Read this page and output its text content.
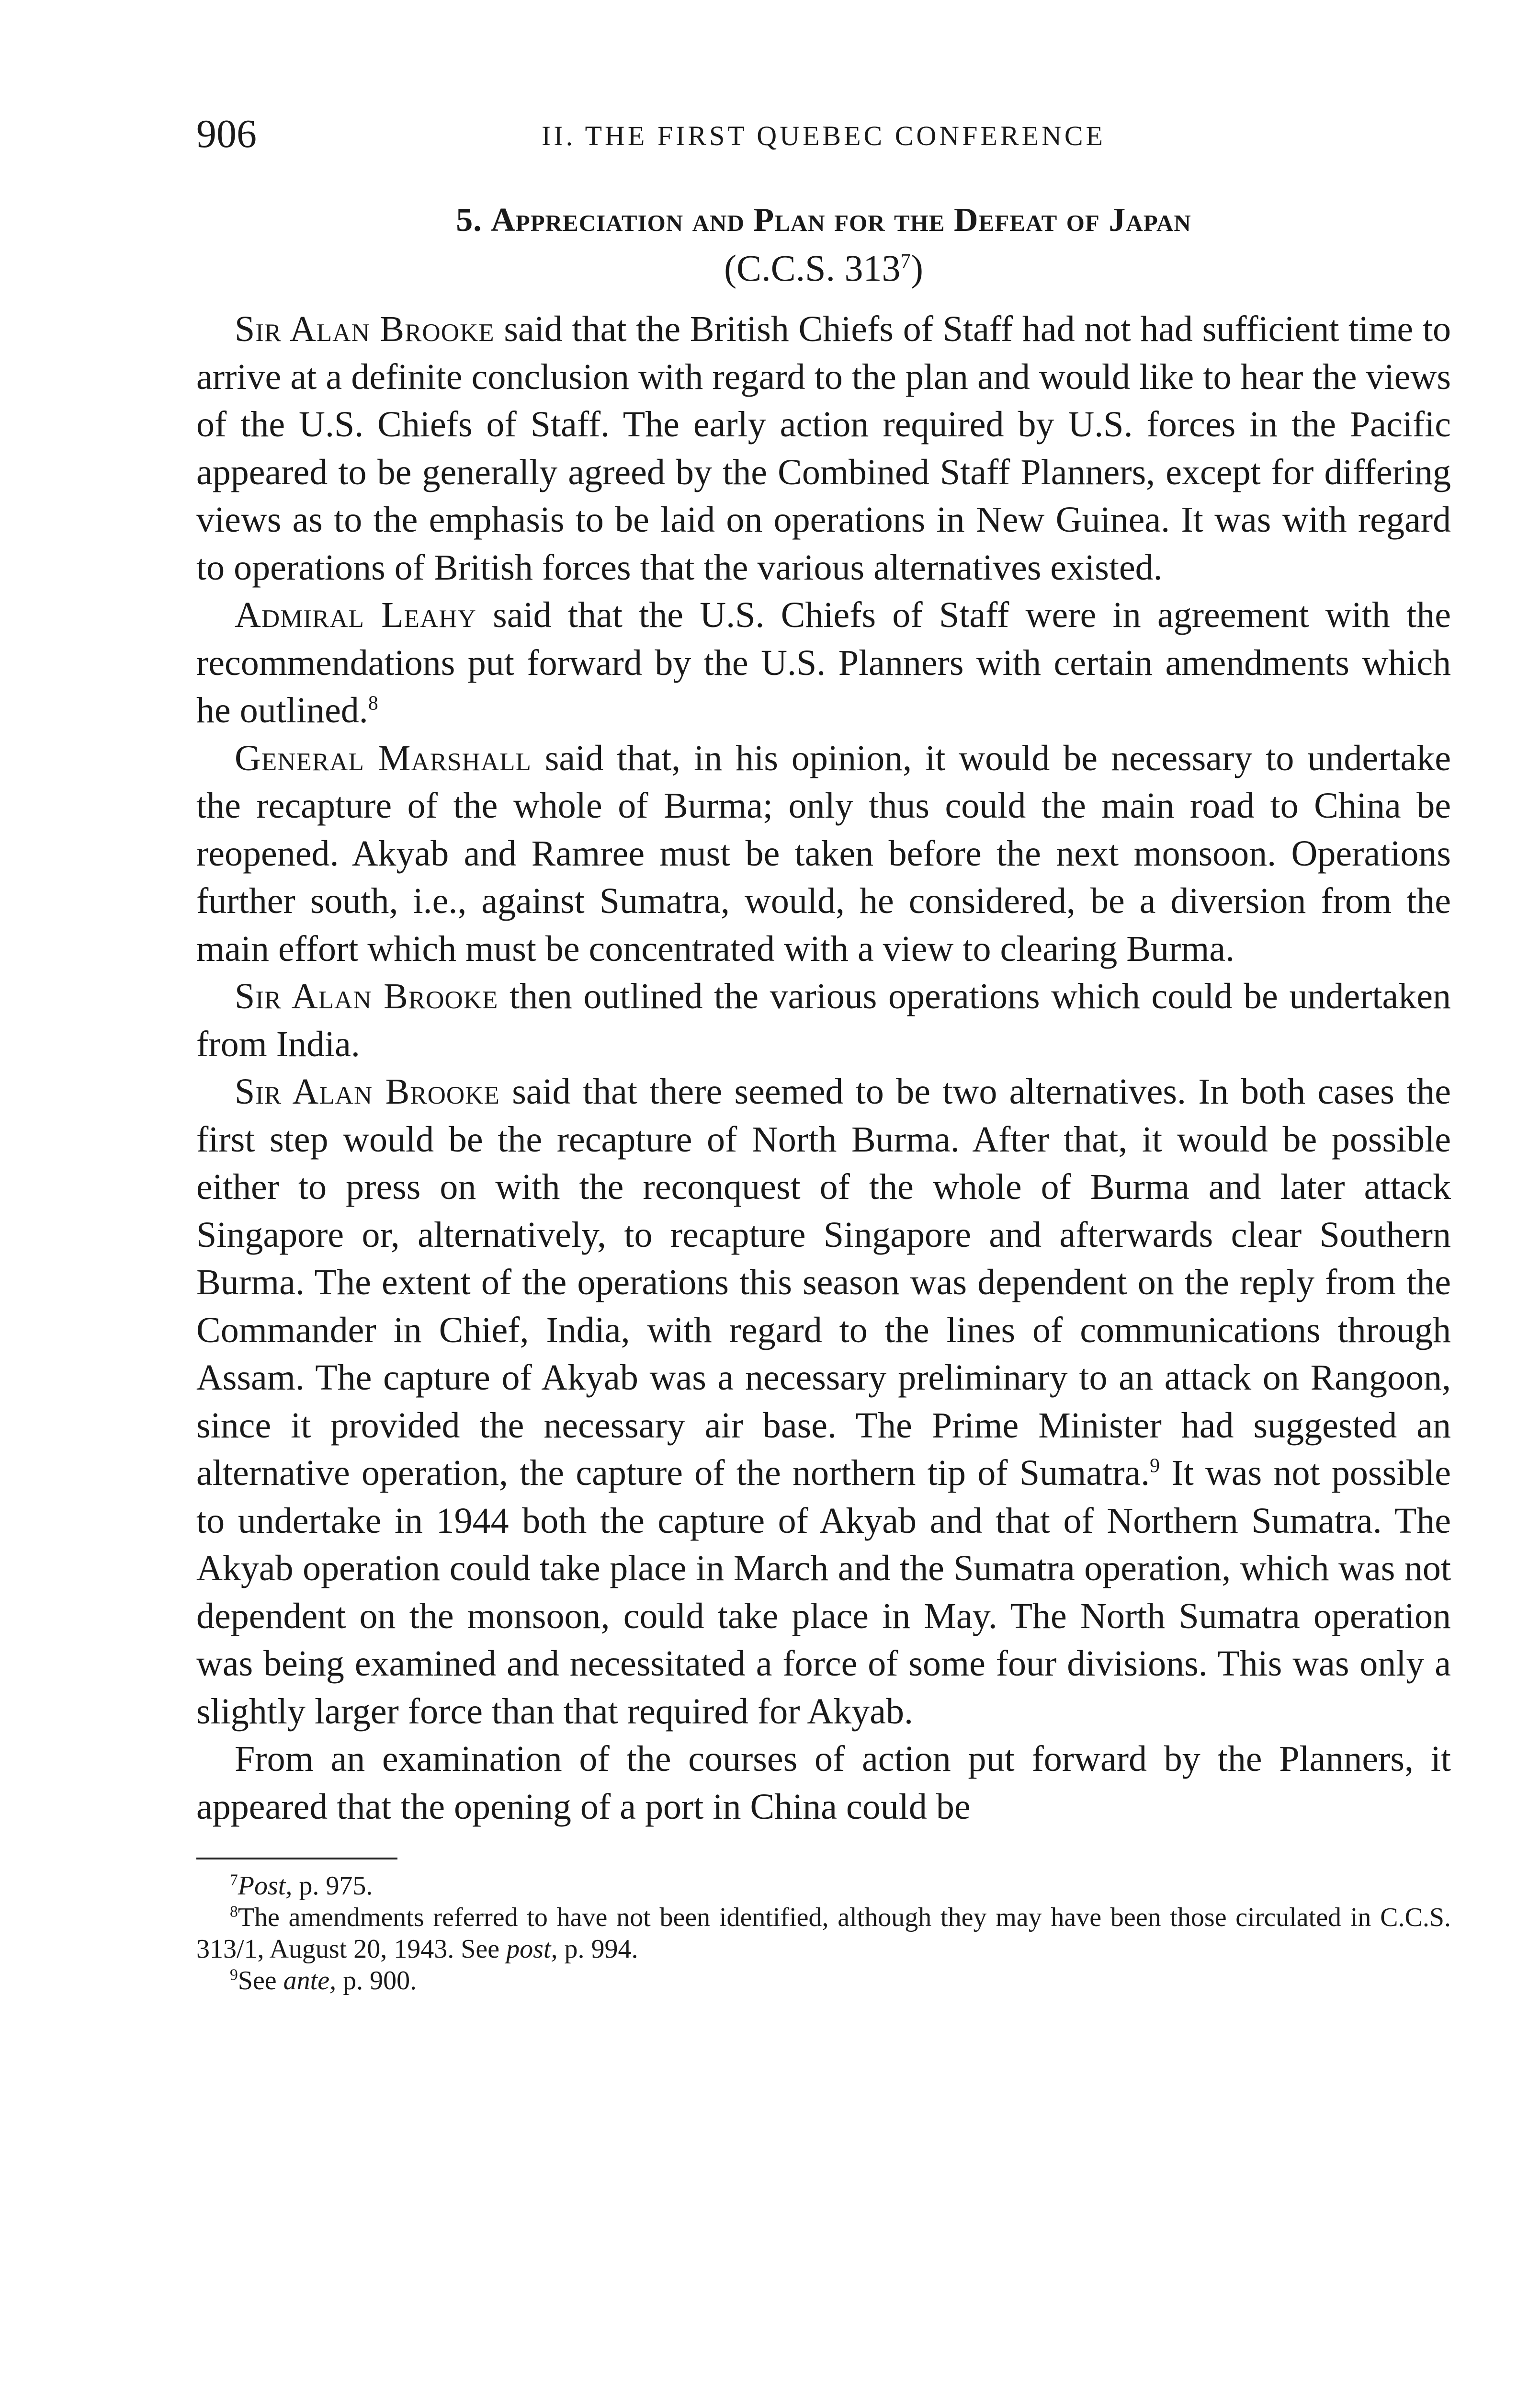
906	II. THE FIRST QUEBEC CONFERENCE
5. Appreciation and Plan for the Defeat of Japan
(C.C.S. $313^7$)

Sir Alan Brooke said that the British Chiefs of Staff had not had sufficient time to arrive at a definite conclusion with regard to the plan and would like to hear the views of the U.S. Chiefs of Staff. The early action required by U.S. forces in the Pacific appeared to be generally agreed by the Combined Staff Planners, except for differing views as to the emphasis to be laid on operations in New Guinea. It was with regard to operations of British forces that the various alternatives existed.

Admiral Leahy said that the U.S. Chiefs of Staff were in agreement with the recommendations put forward by the U.S. Planners with certain amendments which he outlined.$^8$

General Marshall said that, in his opinion, it would be necessary to undertake the recapture of the whole of Burma; only thus could the main road to China be reopened. Akyab and Ramree must be taken before the next monsoon. Operations further south, i.e., against Sumatra, would, he considered, be a diversion from the main effort which must be concentrated with a view to clearing Burma.

Sir Alan Brooke then outlined the various operations which could be undertaken from India.

Sir Alan Brooke said that there seemed to be two alternatives. In both cases the first step would be the recapture of North Burma. After that, it would be possible either to press on with the reconquest of the whole of Burma and later attack Singapore or, alternatively, to recapture Singapore and afterwards clear Southern Burma. The extent of the operations this season was dependent on the reply from the Commander in Chief, India, with regard to the lines of communications through Assam. The capture of Akyab was a necessary preliminary to an attack on Rangoon, since it provided the necessary air base. The Prime Minister had suggested an alternative operation, the capture of the northern tip of Sumatra.$^9$ It was not possible to undertake in 1944 both the capture of Akyab and that of Northern Sumatra. The Akyab operation could take place in March and the Sumatra operation, which was not dependent on the monsoon, could take place in May. The North Sumatra operation was being examined and necessitated a force of some four divisions. This was only a slightly larger force than that required for Akyab.

From an examination of the courses of action put forward by the Planners, it appeared that the opening of a port in China could be

$^7$Post, p. 975.

$^8$The amendments referred to have not been identified, although they may have been those circulated in C.C.S. 313/1, August 20, 1943. See post, p. 994.

$^9$See ante, p. 900.
